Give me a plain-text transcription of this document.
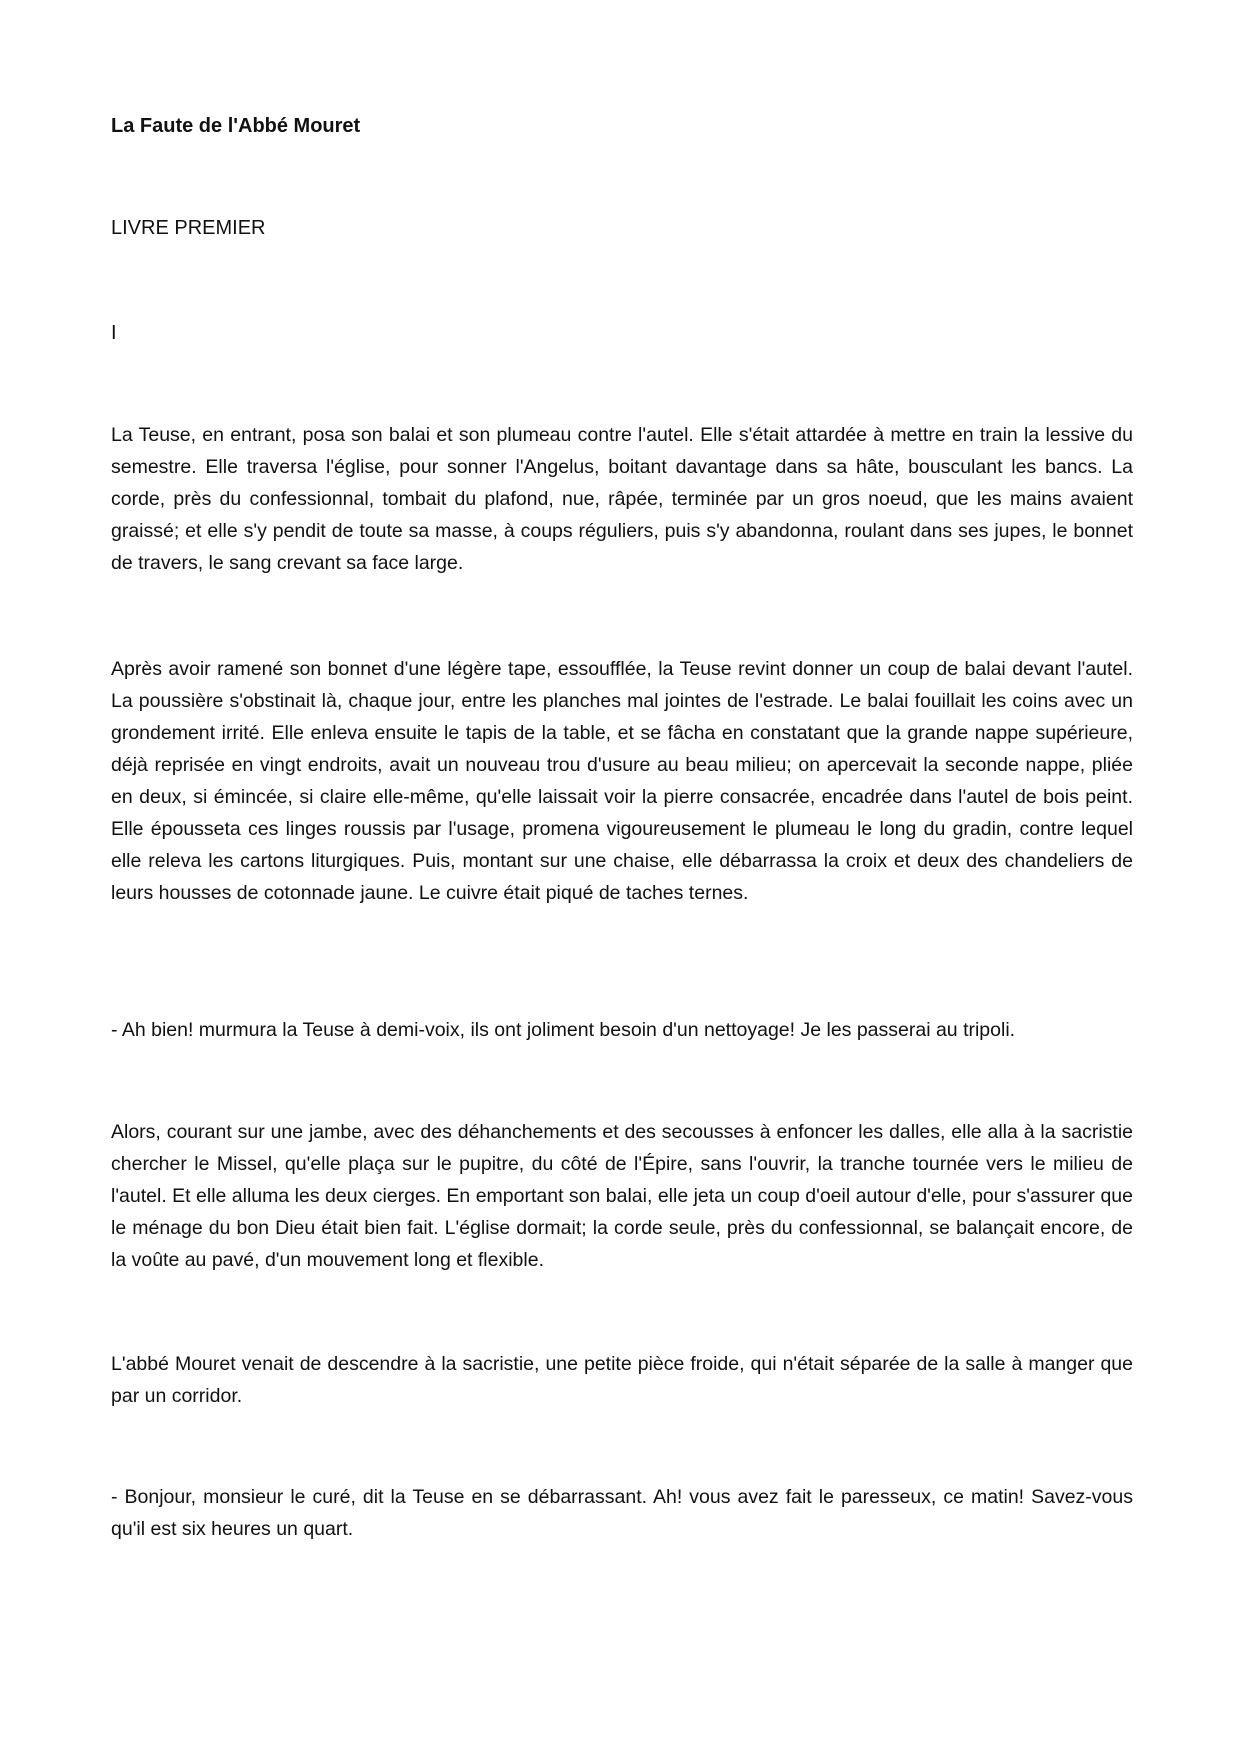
La Faute de l'Abbé Mouret
LIVRE PREMIER
I

La Teuse, en entrant, posa son balai et son plumeau contre l'autel. Elle s'était attardée à mettre en train la lessive du semestre. Elle traversa l'église, pour sonner l'Angelus, boitant davantage dans sa hâte, bousculant les bancs. La corde, près du confessionnal, tombait du plafond, nue, râpée, terminée par un gros noeud, que les mains avaient graissé; et elle s'y pendit de toute sa masse, à coups réguliers, puis s'y abandonna, roulant dans ses jupes, le bonnet de travers, le sang crevant sa face large.

Après avoir ramené son bonnet d'une légère tape, essoufflée, la Teuse revint donner un coup de balai devant l'autel. La poussière s'obstinait là, chaque jour, entre les planches mal jointes de l'estrade. Le balai fouillait les coins avec un grondement irrité. Elle enleva ensuite le tapis de la table, et se fâcha en constatant que la grande nappe supérieure, déjà reprisée en vingt endroits, avait un nouveau trou d'usure au beau milieu; on apercevait la seconde nappe, pliée en deux, si émincée, si claire elle-même, qu'elle laissait voir la pierre consacrée, encadrée dans l'autel de bois peint. Elle épousseta ces linges roussis par l'usage, promena vigoureusement le plumeau le long du gradin, contre lequel elle releva les cartons liturgiques. Puis, montant sur une chaise, elle débarrassa la croix et deux des chandeliers de leurs housses de cotonnade jaune. Le cuivre était piqué de taches ternes.

- Ah bien! murmura la Teuse à demi-voix, ils ont joliment besoin d'un nettoyage! Je les passerai au tripoli.

Alors, courant sur une jambe, avec des déhanchements et des secousses à enfoncer les dalles, elle alla à la sacristie chercher le Missel, qu'elle plaça sur le pupitre, du côté de l'Épire, sans l'ouvrir, la tranche tournée vers le milieu de l'autel. Et elle alluma les deux cierges. En emportant son balai, elle jeta un coup d'oeil autour d'elle, pour s'assurer que le ménage du bon Dieu était bien fait. L'église dormait; la corde seule, près du confessionnal, se balançait encore, de la voûte au pavé, d'un mouvement long et flexible.

L'abbé Mouret venait de descendre à la sacristie, une petite pièce froide, qui n'était séparée de la salle à manger que par un corridor.

- Bonjour, monsieur le curé, dit la Teuse en se débarrassant. Ah! vous avez fait le paresseux, ce matin! Savez-vous qu'il est six heures un quart.
